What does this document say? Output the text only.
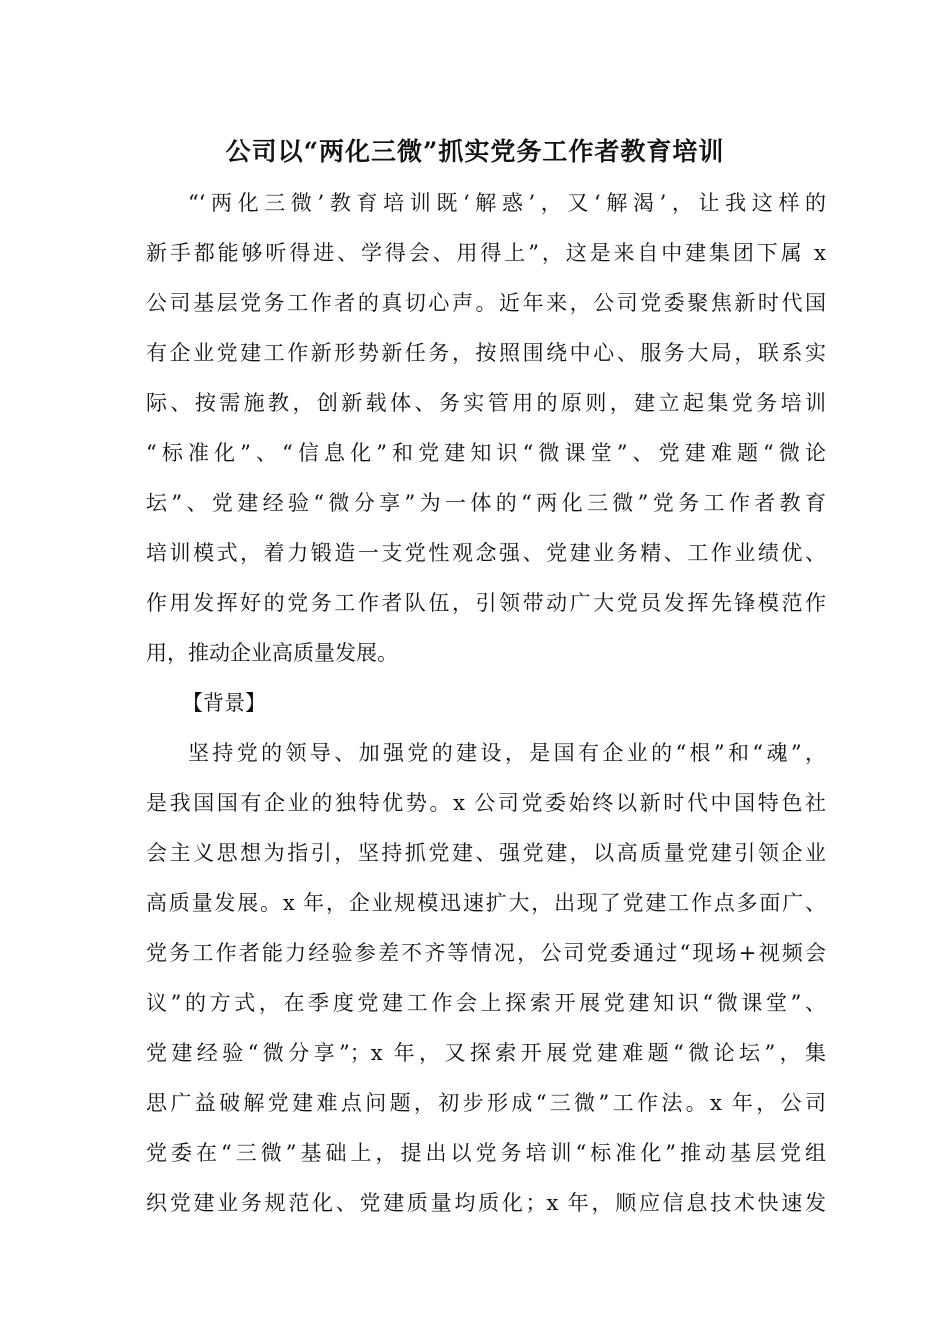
公司以“两化三微”抓实党务工作者教育培训
“‘两化三微’教育培训既‘解惑’，又‘解渴’，让我这样的
新手都能够听得进、学得会、用得上”，这是来自中建集团下属 x
公司基层党务工作者的真切心声。近年来，公司党委聚焦新时代国
有企业党建工作新形势新任务，按照围绕中心、服务大局，联系实
际、按需施教，创新载体、务实管用的原则，建立起集党务培训
“标准化”、“信息化”和党建知识“微课堂”、党建难题“微论
坛”、党建经验“微分享”为一体的“两化三微”党务工作者教育
培训模式，着力锻造一支党性观念强、党建业务精、工作业绩优、
作用发挥好的党务工作者队伍，引领带动广大党员发挥先锋模范作
用，推动企业高质量发展。
【背景】
坚持党的领导、加强党的建设，是国有企业的“根”和“魂”，
是我国国有企业的独特优势。x 公司党委始终以新时代中国特色社
会主义思想为指引，坚持抓党建、强党建，以高质量党建引领企业
高质量发展。x 年，企业规模迅速扩大，出现了党建工作点多面广、
党务工作者能力经验参差不齐等情况，公司党委通过“现场+视频会
议”的方式，在季度党建工作会上探索开展党建知识“微课堂”、
党建经验“微分享”；x 年，又探索开展党建难题“微论坛”，集
思广益破解党建难点问题，初步形成“三微”工作法。x 年，公司
党委在“三微”基础上，提出以党务培训“标准化”推动基层党组
织党建业务规范化、党建质量均质化；x 年，顺应信息技术快速发
